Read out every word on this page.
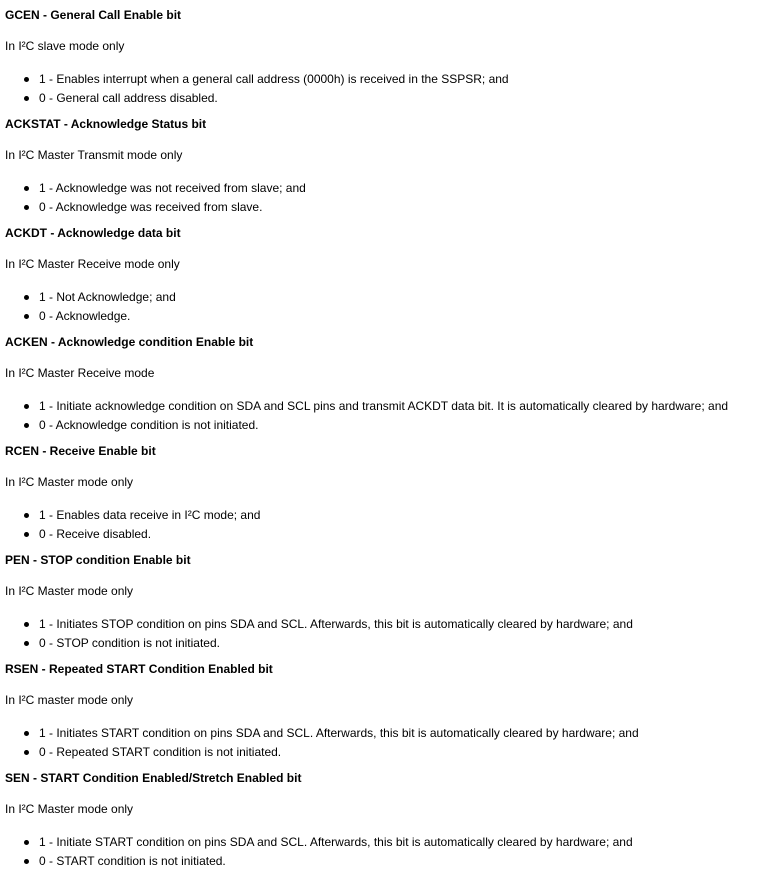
GCEN - General Call Enable bit
In I²C slave mode only
1 - Enables interrupt when a general call address (0000h) is received in the SSPSR; and
0 - General call address disabled.
ACKSTAT - Acknowledge Status bit
In I²C Master Transmit mode only
1 - Acknowledge was not received from slave; and
0 - Acknowledge was received from slave.
ACKDT - Acknowledge data bit
In I²C Master Receive mode only
1 - Not Acknowledge; and
0 - Acknowledge.
ACKEN - Acknowledge condition Enable bit
In I²C Master Receive mode
1 - Initiate acknowledge condition on SDA and SCL pins and transmit ACKDT data bit. It is automatically cleared by hardware; and
0 - Acknowledge condition is not initiated.
RCEN - Receive Enable bit
In I²C Master mode only
1 - Enables data receive in I²C mode; and
0 - Receive disabled.
PEN - STOP condition Enable bit
In I²C Master mode only
1 - Initiates STOP condition on pins SDA and SCL. Afterwards, this bit is automatically cleared by hardware; and
0 - STOP condition is not initiated.
RSEN - Repeated START Condition Enabled bit
In I²C master mode only
1 - Initiates START condition on pins SDA and SCL. Afterwards, this bit is automatically cleared by hardware; and
0 - Repeated START condition is not initiated.
SEN - START Condition Enabled/Stretch Enabled bit
In I²C Master mode only
1 - Initiate START condition on pins SDA and SCL. Afterwards, this bit is automatically cleared by hardware; and
0 - START condition is not initiated.
